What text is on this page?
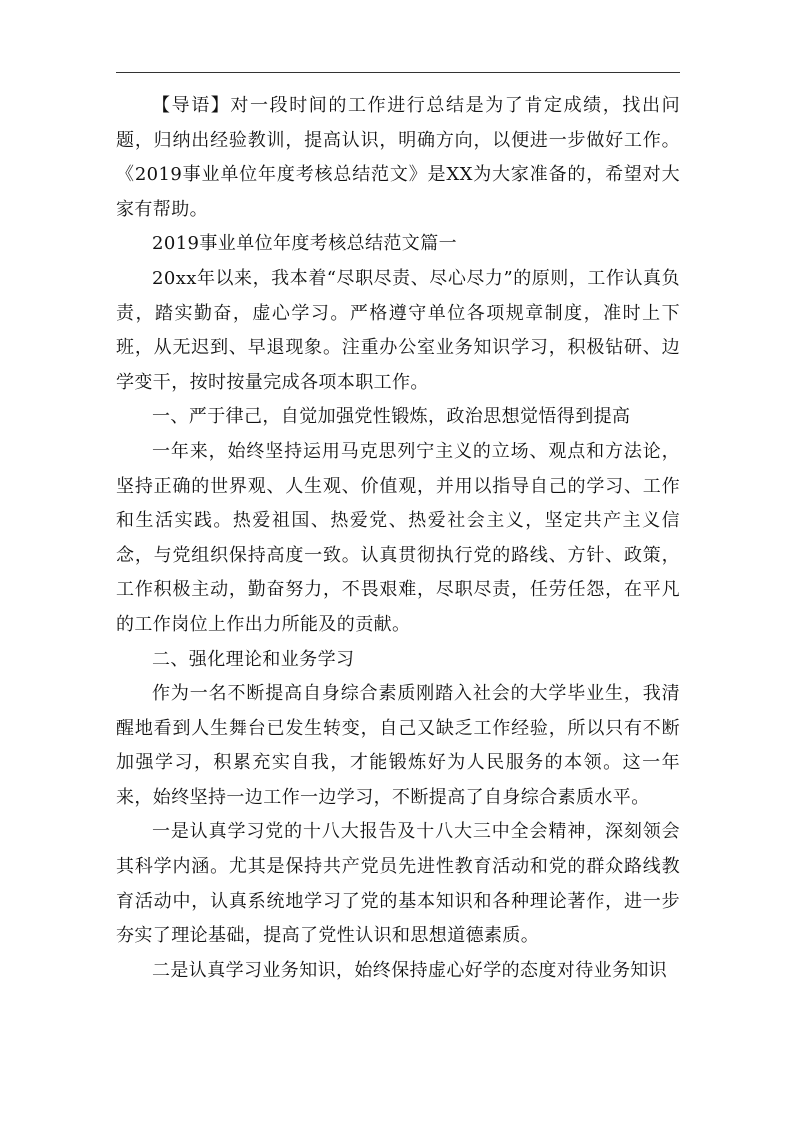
【导语】对一段时间的工作进行总结是为了肯定成绩，找出问题，归纳出经验教训，提高认识，明确方向，以便进一步做好工作。《2019事业单位年度考核总结范文》是XX为大家准备的，希望对大家有帮助。

2019事业单位年度考核总结范文篇一

20xx年以来，我本着“尽职尽责、尽心尽力”的原则，工作认真负责，踏实勤奋，虚心学习。严格遵守单位各项规章制度，准时上下班，从无迟到、早退现象。注重办公室业务知识学习，积极钻研、边学变干，按时按量完成各项本职工作。

一、严于律己，自觉加强党性锻炼，政治思想觉悟得到提高

一年来，始终坚持运用马克思列宁主义的立场、观点和方法论，坚持正确的世界观、人生观、价值观，并用以指导自己的学习、工作和生活实践。热爱祖国、热爱党、热爱社会主义，坚定共产主义信念，与党组织保持高度一致。认真贯彻执行党的路线、方针、政策，工作积极主动，勤奋努力，不畏艰难，尽职尽责，任劳任怨，在平凡的工作岗位上作出力所能及的贡献。

二、强化理论和业务学习

作为一名不断提高自身综合素质刚踏入社会的大学毕业生，我清醒地看到人生舞台已发生转变，自己又缺乏工作经验，所以只有不断加强学习，积累充实自我，才能锻炼好为人民服务的本领。这一年来，始终坚持一边工作一边学习，不断提高了自身综合素质水平。

一是认真学习党的十八大报告及十八大三中全会精神，深刻领会其科学内涵。尤其是保持共产党员先进性教育活动和党的群众路线教育活动中，认真系统地学习了党的基本知识和各种理论著作，进一步夯实了理论基础，提高了党性认识和思想道德素质。

二是认真学习业务知识，始终保持虚心好学的态度对待业务知识
